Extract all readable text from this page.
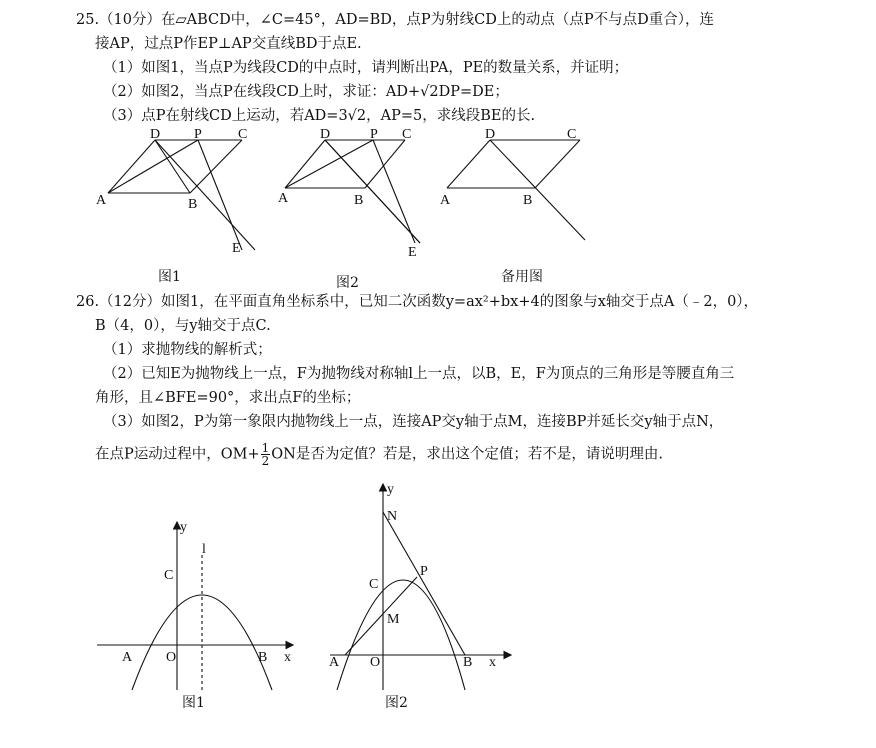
25.（10分）在▱ABCD中，∠C=45°，AD=BD，点P为射线CD上的动点（点P不与点D重合），连
接AP，过点P作EP⊥AP交直线BD于点E.
（1）如图1，当点P为线段CD的中点时，请判断出PA，PE的数量关系，并证明；
（2）如图2，当点P在线段CD上时，求证：AD+√2DP=DE；
（3）点P在射线CD上运动，若AD=3√2，AP=5，求线段BE的长.
D P	C
A	B
E
图1
D	P C
A	B
E
图2
D	C
A	B
备用图
26.（12分）如图1，在平面直角坐标系中，已知二次函数y=ax²+bx+4的图象与x轴交于点A（﹣2，0），
B（4，0），与y轴交于点C.
（1）求抛物线的解析式；
（2）已知E为抛物线上一点，F为抛物线对称轴l上一点，以B，E，F为顶点的三角形是等腰直角三
角形，且∠BFE=90°，求出点F的坐标；
（3）如图2，P为第一象限内抛物线上一点，连接AP交y轴于点M，连接BP并延长交y轴于点N，
在点P运动过程中，$OM+ \frac{1}{2}$ ON是否为定值？若是，求出这个定值；若不是，请说明理由.
y
x
l
C
A O	B
图1
y
x
N
P
C
M
A O	B
图2
